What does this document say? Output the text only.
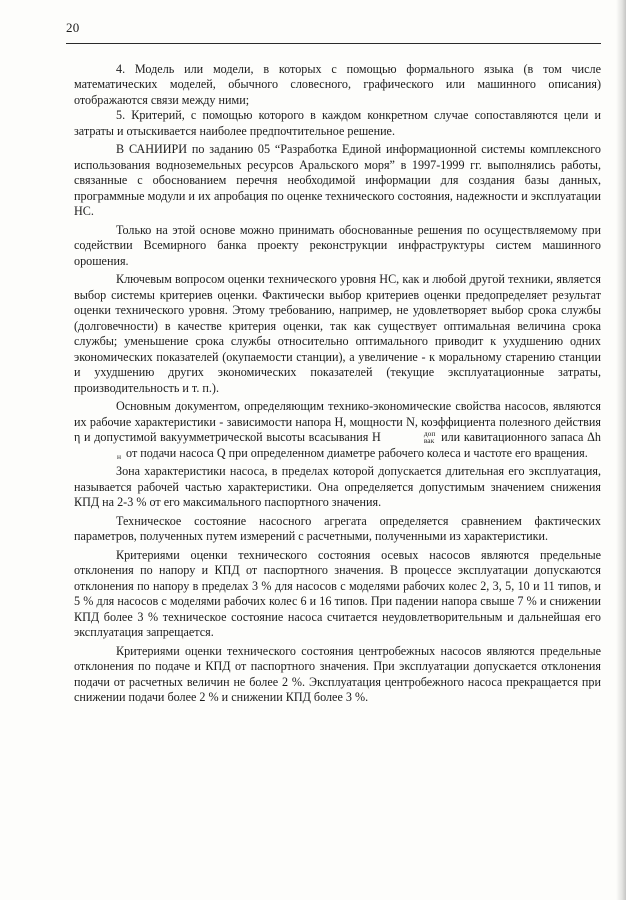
20

4. Модель или модели, в которых с помощью формального языка (в том числе математических моделей, обычного словесного, графического или машинного описания) отображаются связи между ними;

5. Критерий, с помощью которого в каждом конкретном случае сопоставляются цели и затраты и отыскивается наиболее предпочтительное решение.

В САНИИРИ по заданию 05 “Разработка Единой информационной системы комплексного использования водноземельных ресурсов Аральского моря” в 1997-1999 гг. выполнялись работы, связанные с обоснованием перечня необходимой информации для создания базы данных, программные модули и их апробация по оценке технического состояния, надежности и эксплуатации НС.

Только на этой основе можно принимать обоснованные решения по осуществляемому при содействии Всемирного банка проекту реконструкции инфраструктуры систем машинного орошения.

Ключевым вопросом оценки технического уровня НС, как и любой другой техники, является выбор системы критериев оценки. Фактически выбор критериев оценки предопределяет результат оценки технического уровня. Этому требованию, например, не удовлетворяет выбор срока службы (долговечности) в качестве критерия оценки, так как существует оптимальная величина срока службы; уменьшение срока службы относительно оптимального приводит к ухудшению одних экономических показателей (окупаемости станции), а увеличение - к моральному старению станции и ухудшению других экономических показателей (текущие эксплуатационные затраты, производительность и т. п.).

Основным документом, определяющим технико-экономические свойства насосов, являются их рабочие характеристики - зависимости напора Н, мощности N, коэффициента полезного действия η и допустимой вакуумметрической высоты всасывания Н	доп
вак или кавитационного запаса Δh

н от подачи насоса Q при определенном диаметре рабочего колеса и частоте его вращения.

Зона характеристики насоса, в пределах которой допускается длительная его эксплуатация, называется рабочей частью характеристики. Она определяется допустимым значением снижения КПД на 2-3 % от его максимального паспортного значения.

Техническое состояние насосного агрегата определяется сравнением фактических параметров, полученных путем измерений с расчетными, полученными из характеристики.

Критериями оценки технического состояния осевых насосов являются предельные отклонения по напору и КПД от паспортного значения. В процессе эксплуатации допускаются отклонения по напору в пределах 3 % для насосов с моделями рабочих колес 2, 3, 5, 10 и 11 типов, и 5 % для насосов с моделями рабочих колес 6 и 16 типов. При падении напора свыше 7 % и снижении КПД более 3 % техническое состояние насоса считается неудовлетворительным и дальнейшая его эксплуатация запрещается.

Критериями оценки технического состояния центробежных насосов являются предельные отклонения по подаче и КПД от паспортного значения. При эксплуатации допускается отклонения подачи от расчетных величин не более 2 %. Эксплуатация центробежного насоса прекращается при снижении подачи более 2 % и снижении КПД более 3 %.
